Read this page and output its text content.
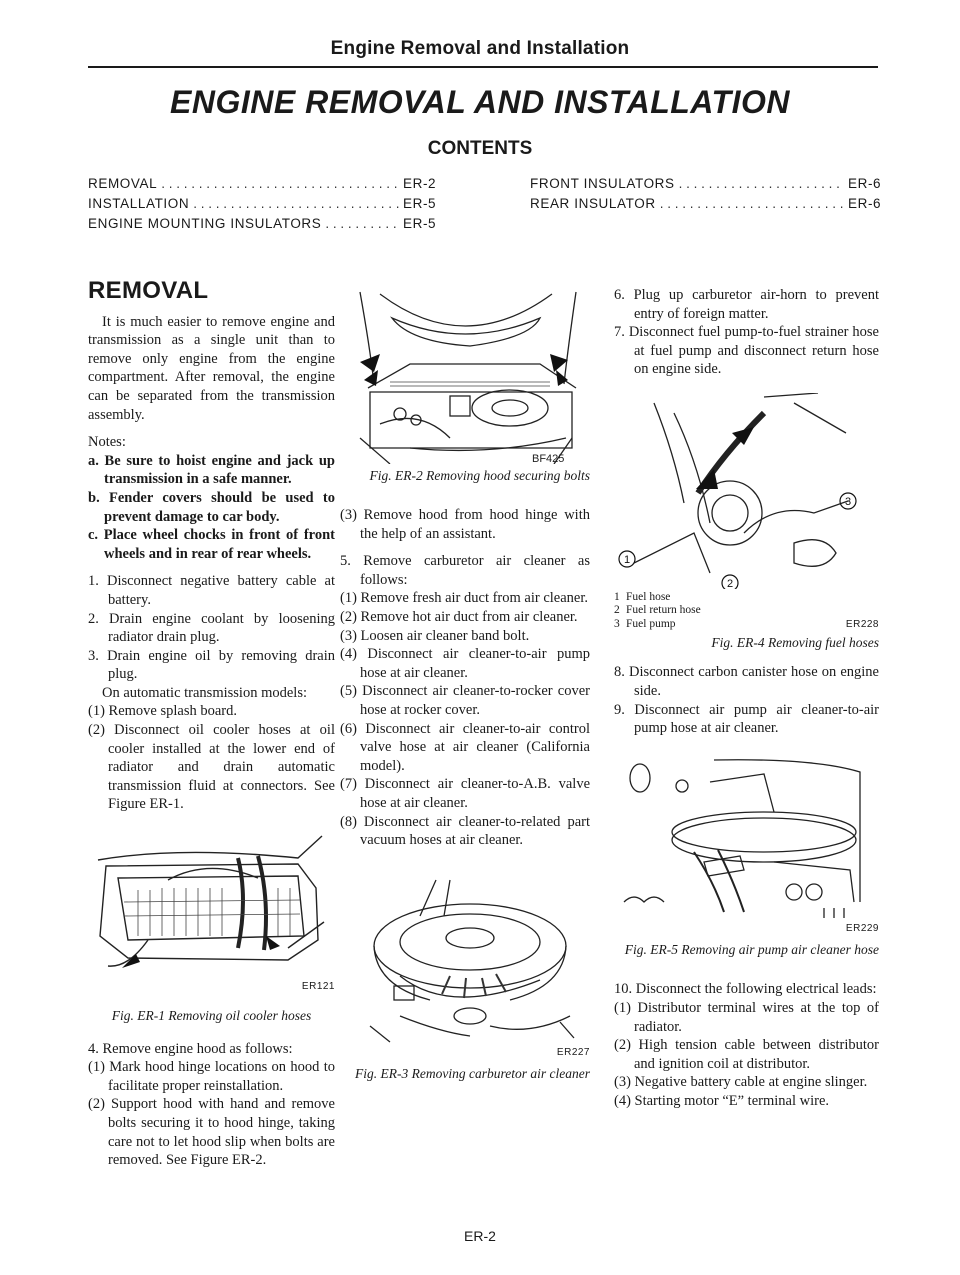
Engine Removal and Installation
ENGINE REMOVAL AND INSTALLATION
CONTENTS
REMOVAL . . .	ER-2
INSTALLATION . . .	ER-5
ENGINE MOUNTING INSULATORS . . .	ER-5
FRONT INSULATORS . . .	ER-6
REAR INSULATOR . . .	ER-6
REMOVAL

It is much easier to remove engine and transmission as a single unit than to remove only engine from the engine compartment. After removal, the engine can be separated from the transmission assembly.

Notes:

a. Be sure to hoist engine and jack up transmission in a safe manner.

b. Fender covers should be used to prevent damage to car body.

c. Place wheel chocks in front of front wheels and in rear of rear wheels.

1. Disconnect negative battery cable at battery.

2. Drain engine coolant by loosening radiator drain plug.

3. Drain engine oil by removing drain plug.

On automatic transmission models:

(1) Remove splash board.

(2) Disconnect oil cooler hoses at oil cooler installed at the lower end of radiator and drain automatic transmission fluid at connectors. See Figure ER-1.

ER121
Fig. ER-1 Removing oil cooler hoses

4. Remove engine hood as follows:

(1) Mark hood hinge locations on hood to facilitate proper reinstallation.

(2) Support hood with hand and remove bolts securing it to hood hinge, taking care not to let hood slip when bolts are removed. See Figure ER-2.

BF425
Fig. ER-2 Removing hood securing bolts

(3) Remove hood from hood hinge with the help of an assistant.

5. Remove carburetor air cleaner as follows:

(1) Remove fresh air duct from air cleaner.

(2) Remove hot air duct from air cleaner.

(3) Loosen air cleaner band bolt.

(4) Disconnect air cleaner-to-air pump hose at air cleaner.

(5) Disconnect air cleaner-to-rocker cover hose at rocker cover.

(6) Disconnect air cleaner-to-air control valve hose at air cleaner (California model).

(7) Disconnect air cleaner-to-A.B. valve hose at air cleaner.

(8) Disconnect air cleaner-to-related part vacuum hoses at air cleaner.

ER227
Fig. ER-3 Removing carburetor air cleaner

6. Plug up carburetor air-horn to prevent entry of foreign matter.

7. Disconnect fuel pump-to-fuel strainer hose at fuel pump and disconnect return hose on engine side.

1
2
3
1 Fuel hose
2 Fuel return hose
3 Fuel pump	ER228
Fig. ER-4 Removing fuel hoses

8. Disconnect carbon canister hose on engine side.

9. Disconnect air pump air cleaner-to-air pump hose at air cleaner.

ER229
Fig. ER-5 Removing air pump air cleaner hose

10. Disconnect the following electrical leads:

(1) Distributor terminal wires at the top of radiator.

(2) High tension cable between distributor and ignition coil at distributor.

(3) Negative battery cable at engine slinger.

(4) Starting motor “E” terminal wire.

ER-2
